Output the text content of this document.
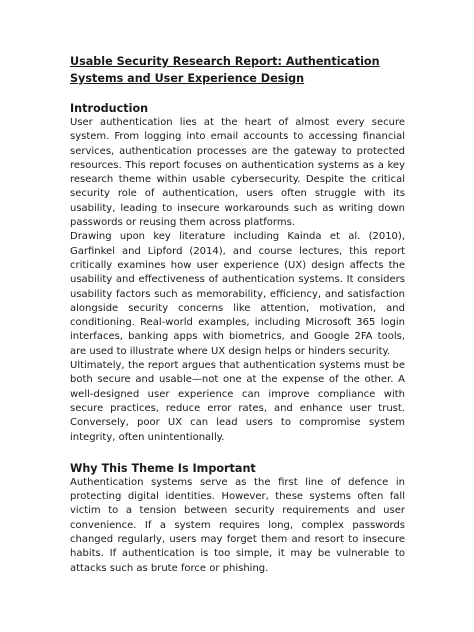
Usable Security Research Report: Authentication Systems and User Experience Design
Introduction

User authentication lies at the heart of almost every secure system. From logging into email accounts to accessing financial services, authentication processes are the gateway to protected resources. This report focuses on authentication systems as a key research theme within usable cybersecurity. Despite the critical security role of authentication, users often struggle with its usability, leading to insecure workarounds such as writing down passwords or reusing them across platforms.

Drawing upon key literature including Kainda et al. (2010), Garfinkel and Lipford (2014), and course lectures, this report critically examines how user experience (UX) design affects the usability and effectiveness of authentication systems. It considers usability factors such as memorability, efficiency, and satisfaction alongside security concerns like attention, motivation, and conditioning. Real-world examples, including Microsoft 365 login interfaces, banking apps with biometrics, and Google 2FA tools, are used to illustrate where UX design helps or hinders security.

Ultimately, the report argues that authentication systems must be both secure and usable—not one at the expense of the other. A well-designed user experience can improve compliance with secure practices, reduce error rates, and enhance user trust. Conversely, poor UX can lead users to compromise system integrity, often unintentionally.

Why This Theme Is Important

Authentication systems serve as the first line of defence in protecting digital identities. However, these systems often fall victim to a tension between security requirements and user convenience. If a system requires long, complex passwords changed regularly, users may forget them and resort to insecure habits. If authentication is too simple, it may be vulnerable to attacks such as brute force or phishing.
